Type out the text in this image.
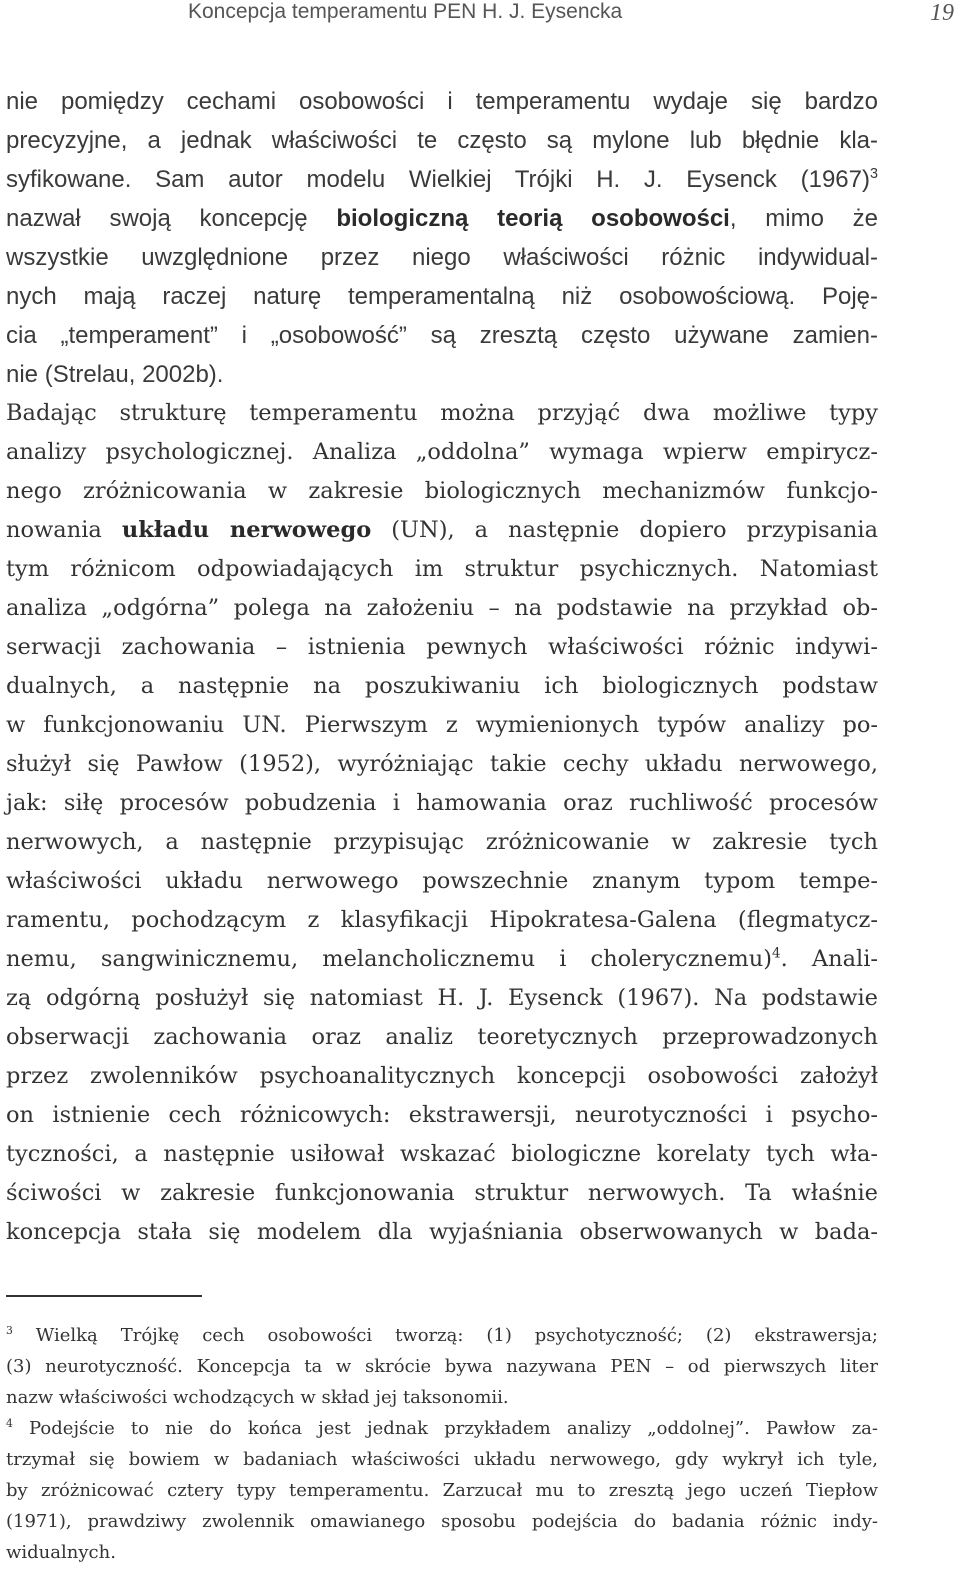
Koncepcja temperamentu PEN H. J. Eysencka	19
nie pomiędzy cechami osobowości i temperamentu wydaje się bardzo
precyzyjne, a jednak właściwości te często są mylone lub błędnie kla-
syfikowane. Sam autor modelu Wielkiej Trójki H. J. Eysenck $(1967)^3$
nazwał swoją koncepcję biologiczną teorią osobowości, mimo że
wszystkie uwzględnione przez niego właściwości różnic indywidual-
nych mają raczej naturę temperamentalną niż osobowościową. Poję-
cia „temperament” i „osobowość” są zresztą często używane zamien-
nie (Strelau, 2002b).
Badając strukturę temperamentu można przyjąć dwa możliwe typy
analizy psychologicznej. Analiza „oddolna” wymaga wpierw empirycz-
nego zróżnicowania w zakresie biologicznych mechanizmów funkcjo-
nowania układu nerwowego (UN), a następnie dopiero przypisania
tym różnicom odpowiadających im struktur psychicznych. Natomiast
analiza „odgórna” polega na założeniu – na podstawie na przykład ob-
serwacji zachowania – istnienia pewnych właściwości różnic indywi-
dualnych, a następnie na poszukiwaniu ich biologicznych podstaw
w funkcjonowaniu UN. Pierwszym z wymienionych typów analizy po-
służył się Pawłow (1952), wyróżniając takie cechy układu nerwowego,
jak: siłę procesów pobudzenia i hamowania oraz ruchliwość procesów
nerwowych, a następnie przypisując zróżnicowanie w zakresie tych
właściwości układu nerwowego powszechnie znanym typom tempe-
ramentu, pochodzącym z klasyfikacji Hipokratesa-Galena (flegmatycz-
nemu, sangwinicznemu, melancholicznemu i cholerycznemu)$^4$. Anali-
zą odgórną posłużył się natomiast H. J. Eysenck (1967). Na podstawie
obserwacji zachowania oraz analiz teoretycznych przeprowadzonych
przez zwolenników psychoanalitycznych koncepcji osobowości założył
on istnienie cech różnicowych: ekstrawersji, neurotyczności i psycho-
tyczności, a następnie usiłował wskazać biologiczne korelaty tych wła-
ściwości w zakresie funkcjonowania struktur nerwowych. Ta właśnie
koncepcja stała się modelem dla wyjaśniania obserwowanych w bada-
$^3$ Wielką Trójkę cech osobowości tworzą: (1) psychotyczność; (2) ekstrawersja;
(3) neurotyczność. Koncepcja ta w skrócie bywa nazywana PEN – od pierwszych liter
nazw właściwości wchodzących w skład jej taksonomii.
$^4$ Podejście to nie do końca jest jednak przykładem analizy „oddolnej”. Pawłow za-
trzymał się bowiem w badaniach właściwości układu nerwowego, gdy wykrył ich tyle,
by zróżnicować cztery typy temperamentu. Zarzucał mu to zresztą jego uczeń Tiepłow
(1971), prawdziwy zwolennik omawianego sposobu podejścia do badania różnic indy-
widualnych.
